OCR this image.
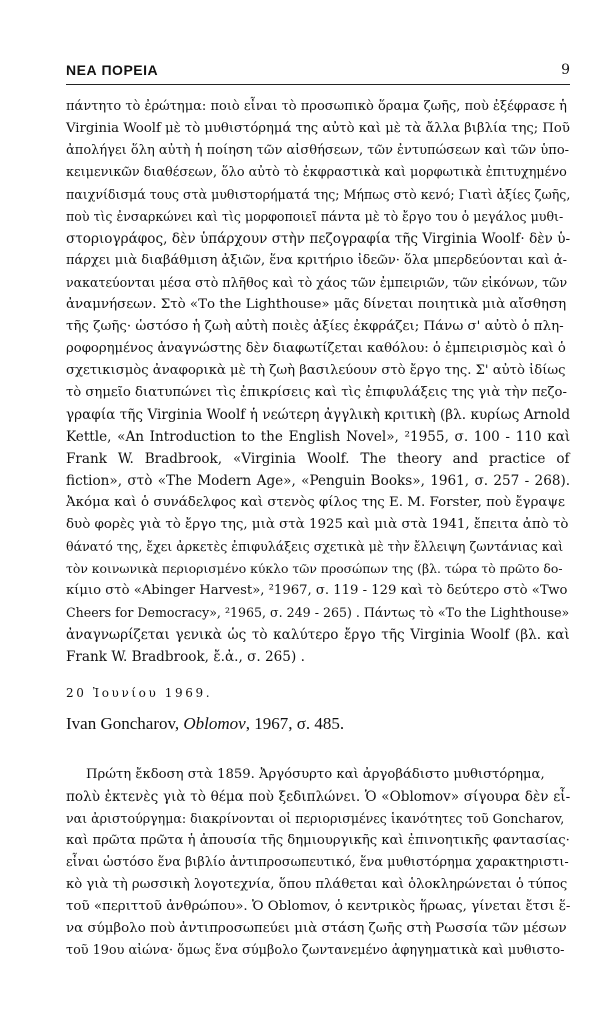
ΝΕΑ ΠΟΡΕΙΑ	9
πάντητο τὸ ἐρώτημα: ποιὸ εἶναι τὸ προσωπικὸ ὅραμα ζωῆς, ποὺ ἐξέφρασε ἡ
Virginia Woolf μὲ τὸ μυθιστόρημά της αὐτὸ καὶ μὲ τὰ ἄλλα βιβλία της; Ποῦ
ἀπολήγει ὅλη αὐτὴ ἡ ποίηση τῶν αἰσθήσεων, τῶν ἐντυπώσεων καὶ τῶν ὑπο-
κειμενικῶν διαθέσεων, ὅλο αὐτὸ τὸ ἐκφραστικὰ καὶ μορφωτικὰ ἐπιτυχημένο
παιχνίδισμά τους στὰ μυθιστορήματά της; Μήπως στὸ κενό; Γιατὶ ἀξίες ζωῆς,
ποὺ τὶς ἐνσαρκώνει καὶ τὶς μορφοποιεῖ πάντα μὲ τὸ ἔργο του ὁ μεγάλος μυθι-
στοριογράφος, δὲν ὑπάρχουν στὴν πεζογραφία τῆς Virginia Woolf· δὲν ὑ-
πάρχει μιὰ διαβάθμιση ἀξιῶν, ἕνα κριτήριο ἰδεῶν· ὅλα μπερδεύονται καὶ ἀ-
νακατεύονται μέσα στὸ πλῆθος καὶ τὸ χάος τῶν ἐμπειριῶν, τῶν εἰκόνων, τῶν
ἀναμνήσεων. Στὸ «Το the Lighthouse» μᾶς δίνεται ποιητικὰ μιὰ αἴσθηση
τῆς ζωῆς· ὡστόσο ἡ ζωὴ αὐτὴ ποιὲς ἀξίες ἐκφράζει; Πάνω σ' αὐτὸ ὁ πλη-
ροφορημένος ἀναγνώστης δὲν διαφωτίζεται καθόλου: ὁ ἐμπειρισμὸς καὶ ὁ
σχετικισμὸς ἀναφορικὰ μὲ τὴ ζωὴ βασιλεύουν στὸ ἔργο της. Σ' αὐτὸ ἰδίως
τὸ σημεῖο διατυπώνει τὶς ἐπικρίσεις καὶ τὶς ἐπιφυλάξεις της γιὰ τὴν πεζο-
γραφία τῆς Virginia Woolf ἡ νεώτερη ἀγγλικὴ κριτικὴ (βλ. κυρίως Arnold
Kettle, «An Introduction to the English Novel», ²1955, σ. 100 - 110 καὶ
Frank W. Bradbrook, «Virginia Woolf. The theory and practice of
fiction», στὸ «The Modern Age», «Penguin Books», 1961, σ. 257 - 268).
Ἀκόμα καὶ ὁ συνάδελφος καὶ στενὸς φίλος της E. M. Forster, ποὺ ἔγραψε
δυὸ φορὲς γιὰ τὸ ἔργο της, μιὰ στὰ 1925 καὶ μιὰ στὰ 1941, ἔπειτα ἀπὸ τὸ
θάνατό της, ἔχει ἀρκετὲς ἐπιφυλάξεις σχετικὰ μὲ τὴν ἔλλειψη ζωντάνιας καὶ
τὸν κοινωνικὰ περιορισμένο κύκλο τῶν προσώπων της (βλ. τώρα τὸ πρῶτο δο-
κίμιο στὸ «Abinger Harvest», ²1967, σ. 119 - 129 καὶ τὸ δεύτερο στὸ «Two
Cheers for Democracy», ²1965, σ. 249 - 265) . Πάντως τὸ «Το the Lighthouse»
ἀναγνωρίζεται γενικὰ ὡς τὸ καλύτερο ἔργο τῆς Virginia Woolf (βλ. καὶ
Frank W. Bradbrook, ἔ.ἀ., σ. 265) .
20 Ἰουνίου 1969.
Ivan Goncharov, Oblomov, 1967, σ. 485.
Πρώτη ἔκδοση στὰ 1859. Ἀργόσυρτο καὶ ἀργοβάδιστο μυθιστόρημα,
πολὺ ἐκτενὲς γιὰ τὸ θέμα ποὺ ξεδιπλώνει. Ὁ «Oblomov» σίγουρα δὲν εἶ-
ναι ἀριστούργημα: διακρίνονται οἱ περιορισμένες ἱκανότητες τοῦ Goncharov,
καὶ πρῶτα πρῶτα ἡ ἀπουσία τῆς δημιουργικῆς καὶ ἐπινοητικῆς φαντασίας·
εἶναι ὡστόσο ἕνα βιβλίο ἀντιπροσωπευτικό, ἕνα μυθιστόρημα χαρακτηριστι-
κὸ γιὰ τὴ ρωσσικὴ λογοτεχνία, ὅπου πλάθεται καὶ ὁλοκληρώνεται ὁ τύπος
τοῦ «περιττοῦ ἀνθρώπου». Ὁ Oblomov, ὁ κεντρικὸς ἥρωας, γίνεται ἔτσι ἕ-
να σύμβολο ποὺ ἀντιπροσωπεύει μιὰ στάση ζωῆς στὴ Ρωσσία τῶν μέσων
τοῦ 19ου αἰώνα· ὅμως ἕνα σύμβολο ζωντανεμένο ἀφηγηματικὰ καὶ μυθιστο-
